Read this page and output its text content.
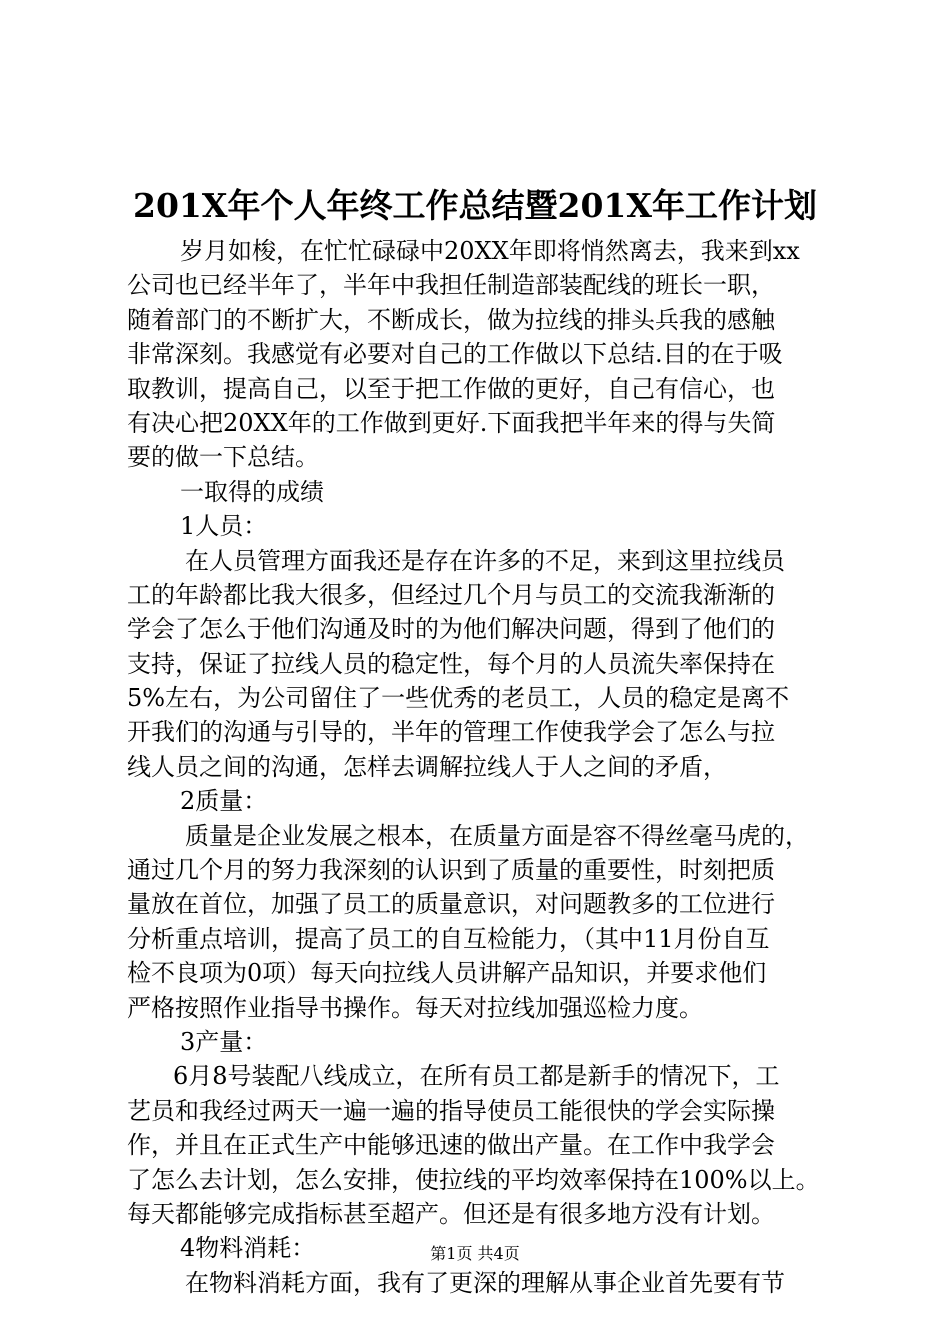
201X年个人年终工作总结暨201X年工作计划
岁月如梭，在忙忙碌碌中20XX年即将悄然离去，我来到xx
公司也已经半年了，半年中我担任制造部装配线的班长一职，
随着部门的不断扩大，不断成长，做为拉线的排头兵我的感触
非常深刻。我感觉有必要对自己的工作做以下总结.目的在于吸
取教训，提高自己，以至于把工作做的更好，自己有信心，也
有决心把20XX年的工作做到更好.下面我把半年来的得与失简
要的做一下总结。
一取得的成绩
1人员：
在人员管理方面我还是存在许多的不足，来到这里拉线员
工的年龄都比我大很多，但经过几个月与员工的交流我渐渐的
学会了怎么于他们沟通及时的为他们解决问题，得到了他们的
支持，保证了拉线人员的稳定性，每个月的人员流失率保持在
5%左右，为公司留住了一些优秀的老员工，人员的稳定是离不
开我们的沟通与引导的，半年的管理工作使我学会了怎么与拉
线人员之间的沟通，怎样去调解拉线人于人之间的矛盾，
2质量：
质量是企业发展之根本，在质量方面是容不得丝毫马虎的，
通过几个月的努力我深刻的认识到了质量的重要性，时刻把质
量放在首位，加强了员工的质量意识，对问题教多的工位进行
分析重点培训，提高了员工的自互检能力，（其中11月份自互
检不良项为0项）每天向拉线人员讲解产品知识，并要求他们
严格按照作业指导书操作。每天对拉线加强巡检力度。
3产量：
6月8号装配八线成立，在所有员工都是新手的情况下，工
艺员和我经过两天一遍一遍的指导使员工能很快的学会实际操
作，并且在正式生产中能够迅速的做出产量。在工作中我学会
了怎么去计划，怎么安排，使拉线的平均效率保持在100%以上。
每天都能够完成指标甚至超产。但还是有很多地方没有计划。
4物料消耗：
在物料消耗方面，我有了更深的理解从事企业首先要有节
第1页 共4页
